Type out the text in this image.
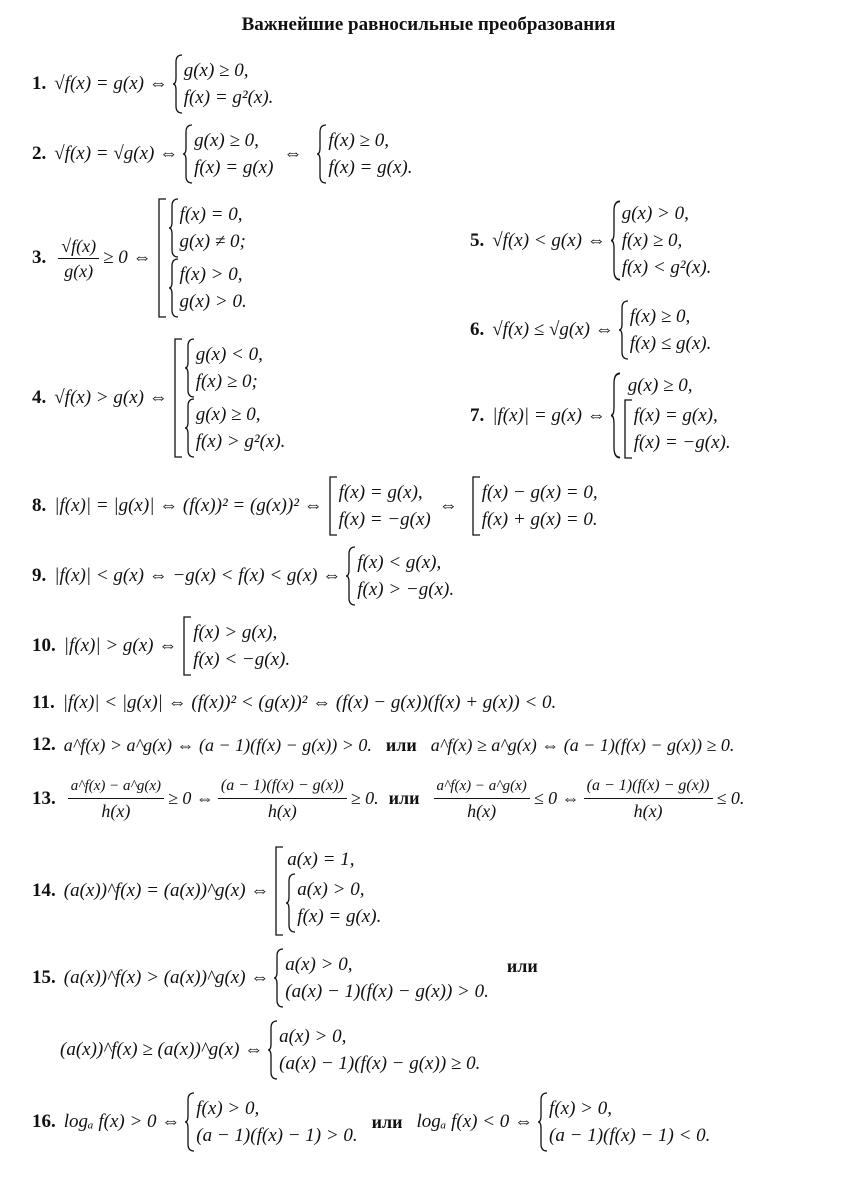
Важнейшие равносильные преобразования
1. √f(x) = g(x) ⇔
g(x) ≥ 0,
f(x) = g²(x).
2. √f(x) = √g(x) ⇔
g(x) ≥ 0,
f(x) = g(x)
⇔
f(x) ≥ 0,
f(x) = g(x).
3. $\frac{√f(x)}{g(x)} \ge 0$ ⇔
f(x) = 0,
g(x) ≠ 0;
f(x) > 0,
g(x) > 0.
4. √f(x) > g(x) ⇔
g(x) < 0,
f(x) ≥ 0;
g(x) ≥ 0,
f(x) > g²(x).
5. √f(x) < g(x) ⇔
g(x) > 0,
f(x) ≥ 0,
f(x) < g²(x).
6. √f(x) ≤ √g(x) ⇔
f(x) ≥ 0,
f(x) ≤ g(x).
7. |f(x)| = g(x) ⇔
g(x) ≥ 0,
f(x) = g(x),
f(x) = −g(x).
8. |f(x)| = |g(x)| ⇔ (f(x))² = (g(x))² ⇔
f(x) = g(x),
f(x) = −g(x)
⇔
f(x) − g(x) = 0,
f(x) + g(x) = 0.
9. |f(x)| < g(x) ⇔ −g(x) < f(x) < g(x) ⇔
f(x) < g(x),
f(x) > −g(x).
10. |f(x)| > g(x) ⇔
f(x) > g(x),
f(x) < −g(x).
11. |f(x)| < |g(x)| ⇔ (f(x))² < (g(x))² ⇔ (f(x) − g(x))(f(x) + g(x)) < 0.
12. a^f(x) > a^g(x) ⇔ (a − 1)(f(x) − g(x)) > 0. или a^f(x) ≥ a^g(x) ⇔ (a − 1)(f(x) − g(x)) ≥ 0.
13. $\frac{a\^{}f(x) - a\^{}g(x)}{h(x)} \ge 0$ ⇔ $\frac{(a - 1)(f(x) - g(x))}{h(x)} \ge 0$. или $\frac{a\^{}f(x) - a\^{}g(x)}{h(x)} \le 0$ ⇔ $\frac{(a - 1)(f(x) - g(x))}{h(x)} \le 0$.
14. (a(x))^f(x) = (a(x))^g(x) ⇔
a(x) = 1,
a(x) > 0,
f(x) = g(x).
15. (a(x))^f(x) > (a(x))^g(x) ⇔
a(x) > 0,
(a(x) − 1)(f(x) − g(x)) > 0.
или
(a(x))^f(x) ≥ (a(x))^g(x) ⇔
a(x) > 0,
(a(x) − 1)(f(x) − g(x)) ≥ 0.
16. logₐ f(x) > 0 ⇔
f(x) > 0,
(a − 1)(f(x) − 1) > 0.
или logₐ f(x) < 0 ⇔
f(x) > 0,
(a − 1)(f(x) − 1) < 0.
